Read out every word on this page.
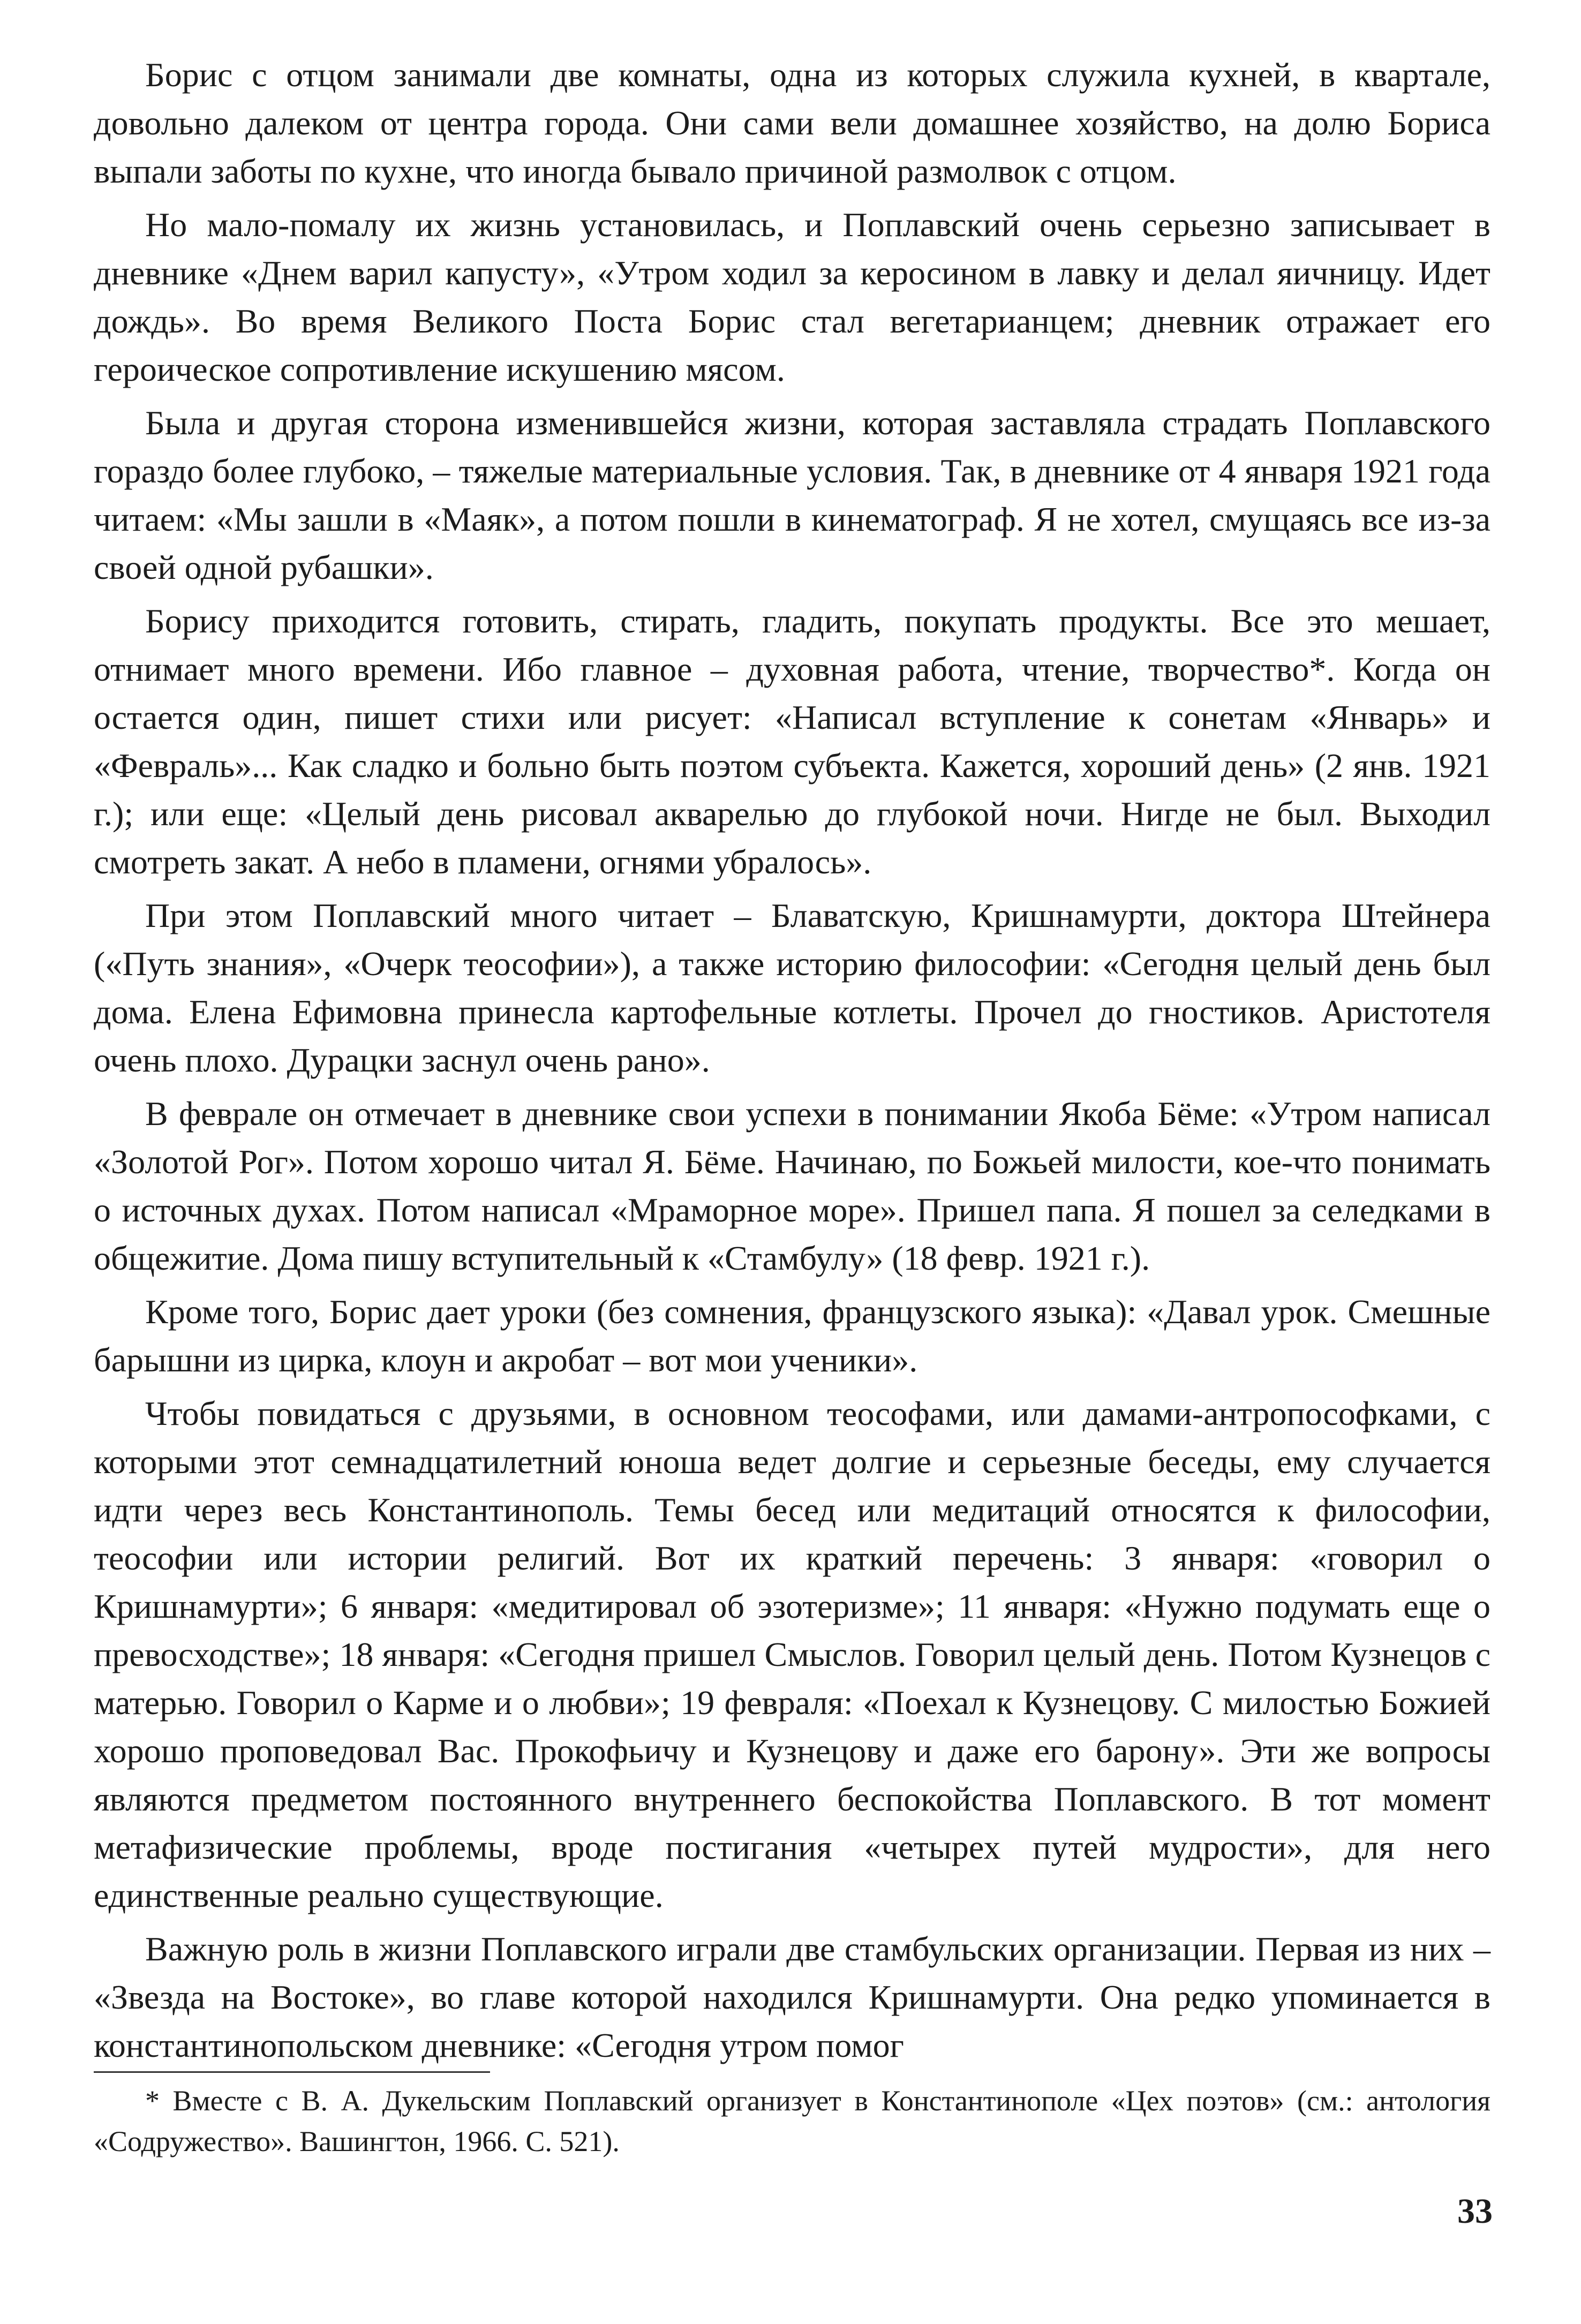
Борис с отцом занимали две комнаты, одна из которых служила кухней, в квартале, довольно далеком от центра города. Они сами вели домашнее хозяйство, на долю Бориса выпали заботы по кухне, что иногда бывало причиной размолвок с отцом.

Но мало-помалу их жизнь установилась, и Поплавский очень серьезно записывает в дневнике «Днем варил капусту», «Утром ходил за керосином в лавку и делал яичницу. Идет дождь». Во время Великого Поста Борис стал вегетарианцем; дневник отражает его героическое сопротивление искушению мясом.

Была и другая сторона изменившейся жизни, которая заставляла страдать Поплавского гораздо более глубоко, – тяжелые материальные условия. Так, в дневнике от 4 января 1921 года читаем: «Мы зашли в «Маяк», а потом пошли в кинематограф. Я не хотел, смущаясь все из-за своей одной рубашки».

Борису приходится готовить, стирать, гладить, покупать продукты. Все это мешает, отнимает много времени. Ибо главное – духовная работа, чтение, творчество*. Когда он остается один, пишет стихи или рисует: «Написал вступление к сонетам «Январь» и «Февраль»... Как сладко и больно быть поэтом субъекта. Кажется, хороший день» (2 янв. 1921 г.); или еще: «Целый день рисовал акварелью до глубокой ночи. Нигде не был. Выходил смотреть закат. А небо в пламени, огнями убралось».

При этом Поплавский много читает – Блаватскую, Кришнамурти, доктора Штейнера («Путь знания», «Очерк теософии»), а также историю философии: «Сегодня целый день был дома. Елена Ефимовна принесла картофельные котлеты. Прочел до гностиков. Аристотеля очень плохо. Дурацки заснул очень рано».

В феврале он отмечает в дневнике свои успехи в понимании Якоба Бёме: «Утром написал «Золотой Рог». Потом хорошо читал Я. Бёме. Начинаю, по Божьей милости, кое-что понимать о источных духах. Потом написал «Мраморное море». Пришел папа. Я пошел за селедками в общежитие. Дома пишу вступительный к «Стамбулу» (18 февр. 1921 г.).

Кроме того, Борис дает уроки (без сомнения, французского языка): «Давал урок. Смешные барышни из цирка, клоун и акробат – вот мои ученики».

Чтобы повидаться с друзьями, в основном теософами, или дамами-антропософками, с которыми этот семнадцатилетний юноша ведет долгие и серьезные беседы, ему случается идти через весь Константинополь. Темы бесед или медитаций относятся к философии, теософии или истории религий. Вот их краткий перечень: 3 января: «говорил о Кришнамурти»; 6 января: «медитировал об эзотеризме»; 11 января: «Нужно подумать еще о превосходстве»; 18 января: «Сегодня пришел Смыслов. Говорил целый день. Потом Кузнецов с матерью. Говорил о Карме и о любви»; 19 февраля: «Поехал к Кузнецову. С милостью Божией хорошо проповедовал Вас. Прокофьичу и Кузнецову и даже его барону». Эти же вопросы являются предметом постоянного внутреннего беспокойства Поплавского. В тот момент метафизические проблемы, вроде постигания «четырех путей мудрости», для него единственные реально существующие.

Важную роль в жизни Поплавского играли две стамбульских организации. Первая из них – «Звезда на Востоке», во главе которой находился Кришнамурти. Она редко упоминается в константинопольском дневнике: «Сегодня утром помог

* Вместе с В. А. Дукельским Поплавский организует в Константинополе «Цех поэтов» (см.: антология «Содружество». Вашингтон, 1966. С. 521).

33
